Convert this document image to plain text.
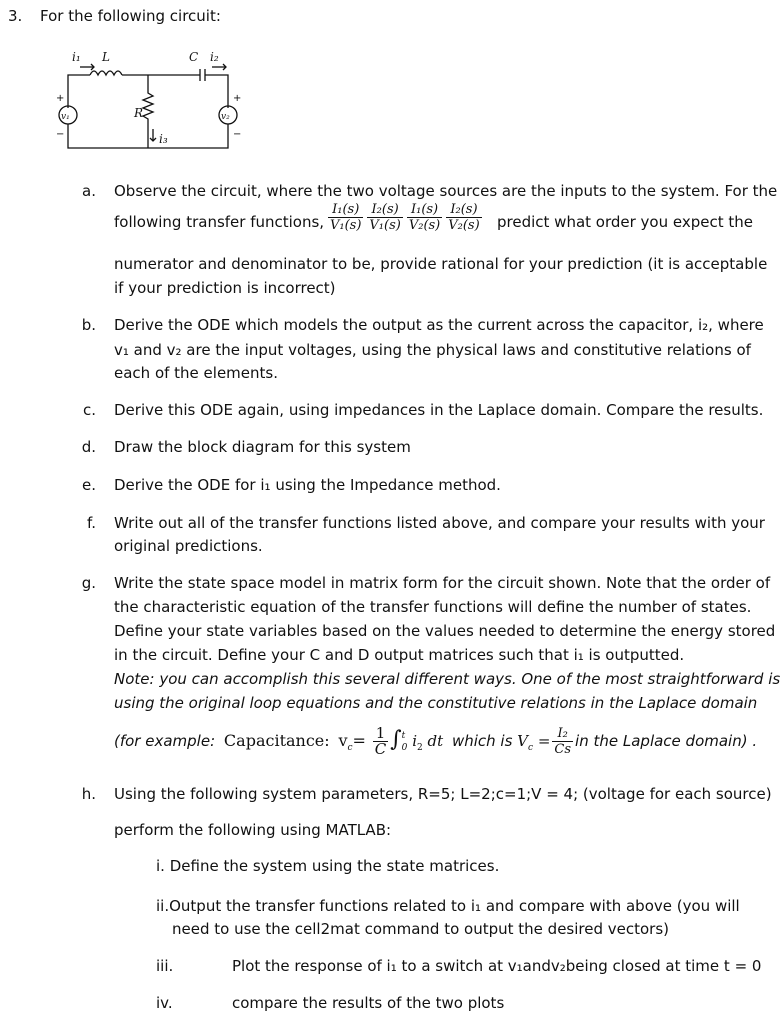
3. For the following circuit:
i₁ L	C i₂
R
i₃
v₁	v₂
+
−
+
−
a. Observe the circuit, where the two voltage sources are the inputs to the system. For the
following transfer functions, $\frac{\text{I₁(s)}}{\text{V₁(s)}} \frac{\text{I₂(s)}}{\text{V₁(s)}} \frac{\text{I₁(s)}}{\text{V₂(s)}} \frac{\text{I₂(s)}}{\text{V₂(s)}}$ predict what order you expect the
numerator and denominator to be, provide rational for your prediction (it is acceptable
if your prediction is incorrect)
b. Derive the ODE which models the output as the current across the capacitor, i₂, where
v₁ and v₂ are the input voltages, using the physical laws and constitutive relations of
each of the elements.
c. Derive this ODE again, using impedances in the Laplace domain. Compare the results.
d. Draw the block diagram for this system
e. Derive the ODE for i₁ using the Impedance method.
f. Write out all of the transfer functions listed above, and compare your results with your
original predictions.
g. Write the state space model in matrix form for the circuit shown. Note that the order of
the characteristic equation of the transfer functions will define the number of states.
Define your state variables based on the values needed to determine the energy stored
in the circuit. Define your C and D output matrices such that i₁ is outputted.
Note: you can accomplish this several different ways. One of the most straightforward is
using the original loop equations and the constitutive relations in the Laplace domain
(for example: Capacitance: $v_c= \frac{1}{C}$ ∫ t
0 $i_2$ dt which is $V_c = \frac{\text{I₂}}{Cs}$ in the Laplace domain) .
h. Using the following system parameters, R=5; L=2;c=1;V = 4; (voltage for each source)
perform the following using MATLAB:
i. Define the system using the state matrices.
ii.Output the transfer functions related to i₁ and compare with above (you will
need to use the cell2mat command to output the desired vectors)
iii.	Plot the response of i₁ to a switch at v₁andv₂being closed at time t = 0
iv.	compare the results of the two plots
